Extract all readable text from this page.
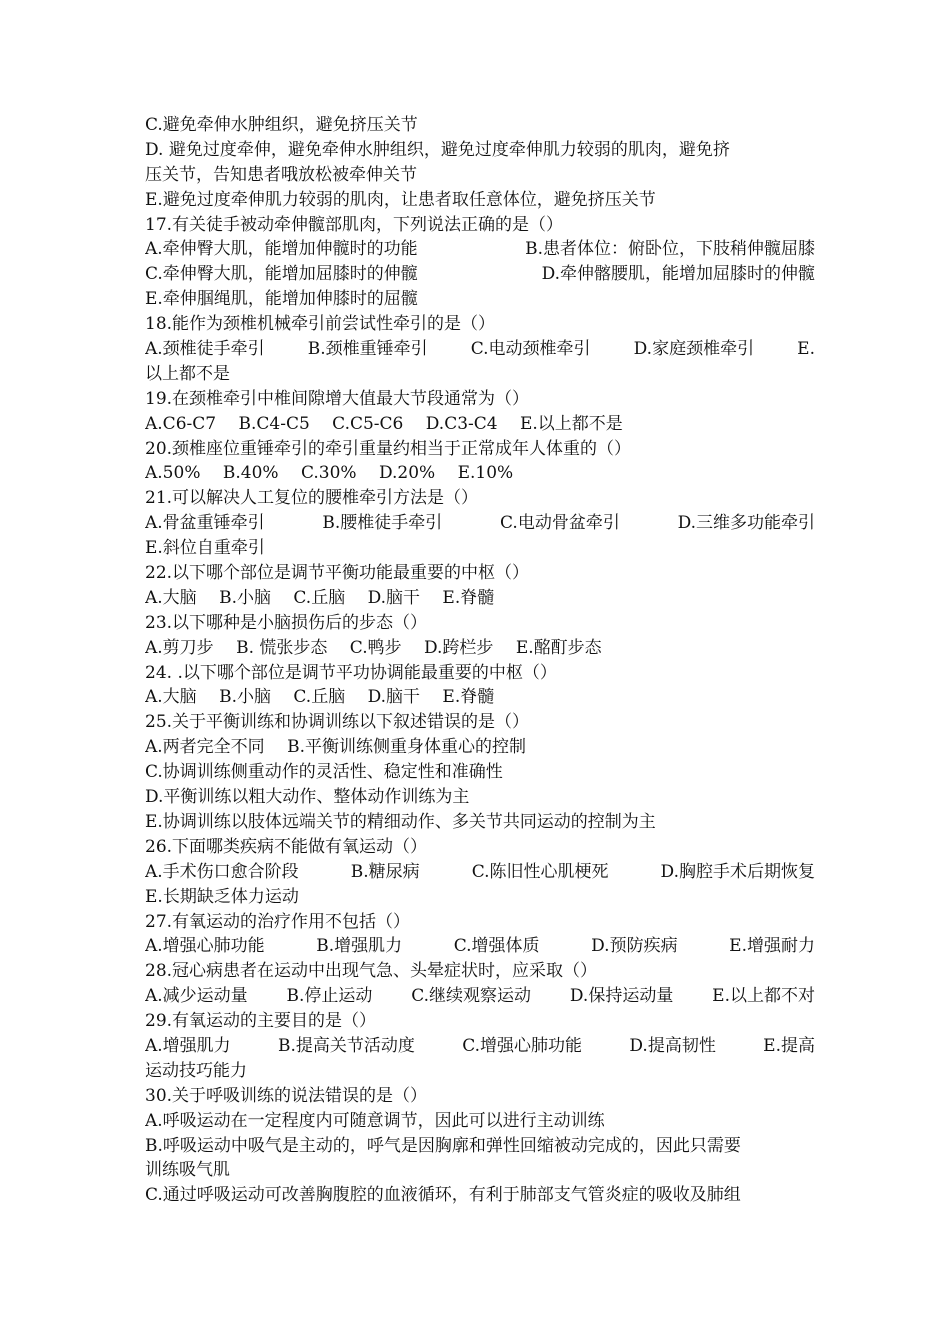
C.避免牵伸水肿组织，避免挤压关节
D. 避免过度牵伸，避免牵伸水肿组织，避免过度牵伸肌力较弱的肌肉，避免挤
压关节，告知患者哦放松被牵伸关节
E.避免过度牵伸肌力较弱的肌肉，让患者取任意体位，避免挤压关节
17.有关徒手被动牵伸髋部肌肉，下列说法正确的是（）
A.牵伸臀大肌，能增加伸髋时的功能	B.患者体位：俯卧位，下肢稍伸髋屈膝
C.牵伸臀大肌，能增加屈膝时的伸髋	D.牵伸髂腰肌，能增加屈膝时的伸髋
E.牵伸腘绳肌，能增加伸膝时的屈髋
18.能作为颈椎机械牵引前尝试性牵引的是（）
A.颈椎徒手牵引	B.颈椎重锤牵引	C.电动颈椎牵引	D.家庭颈椎牵引	E.
以上都不是
19.在颈椎牵引中椎间隙增大值最大节段通常为（）
A.C6-C7　 B.C4-C5　 C.C5-C6　 D.C3-C4　 E.以上都不是
20.颈椎座位重锤牵引的牵引重量约相当于正常成年人体重的（）
A.50%　 B.40%　 C.30%　 D.20%　 E.10%
21.可以解决人工复位的腰椎牵引方法是（）
A.骨盆重锤牵引	B.腰椎徒手牵引	C.电动骨盆牵引	D.三维多功能牵引
E.斜位自重牵引
22.以下哪个部位是调节平衡功能最重要的中枢（）
A.大脑　 B.小脑　 C.丘脑　 D.脑干　 E.脊髓
23.以下哪种是小脑损伤后的步态（）
A.剪刀步　 B. 慌张步态　 C.鸭步　 D.跨栏步　 E.酩酊步态
24. .以下哪个部位是调节平功协调能最重要的中枢（）
A.大脑　 B.小脑　 C.丘脑　 D.脑干　 E.脊髓
25.关于平衡训练和协调训练以下叙述错误的是（）
A.两者完全不同　 B.平衡训练侧重身体重心的控制
C.协调训练侧重动作的灵活性、稳定性和准确性
D.平衡训练以粗大动作、整体动作训练为主
E.协调训练以肢体远端关节的精细动作、多关节共同运动的控制为主
26.下面哪类疾病不能做有氧运动（）
A.手术伤口愈合阶段	B.糖尿病	C.陈旧性心肌梗死	D.胸腔手术后期恢复
E.长期缺乏体力运动
27.有氧运动的治疗作用不包括（）
A.增强心肺功能	B.增强肌力	C.增强体质	D.预防疾病	E.增强耐力
28.冠心病患者在运动中出现气急、头晕症状时，应采取（）
A.减少运动量 B.停止运动 C.继续观察运动 D.保持运动量 E.以上都不对
29.有氧运动的主要目的是（）
A.增强肌力	B.提高关节活动度	C.增强心肺功能	D.提高韧性	E.提高
运动技巧能力
30.关于呼吸训练的说法错误的是（）
A.呼吸运动在一定程度内可随意调节，因此可以进行主动训练
B.呼吸运动中吸气是主动的，呼气是因胸廓和弹性回缩被动完成的，因此只需要
训练吸气肌
C.通过呼吸运动可改善胸腹腔的血液循环，有利于肺部支气管炎症的吸收及肺组
